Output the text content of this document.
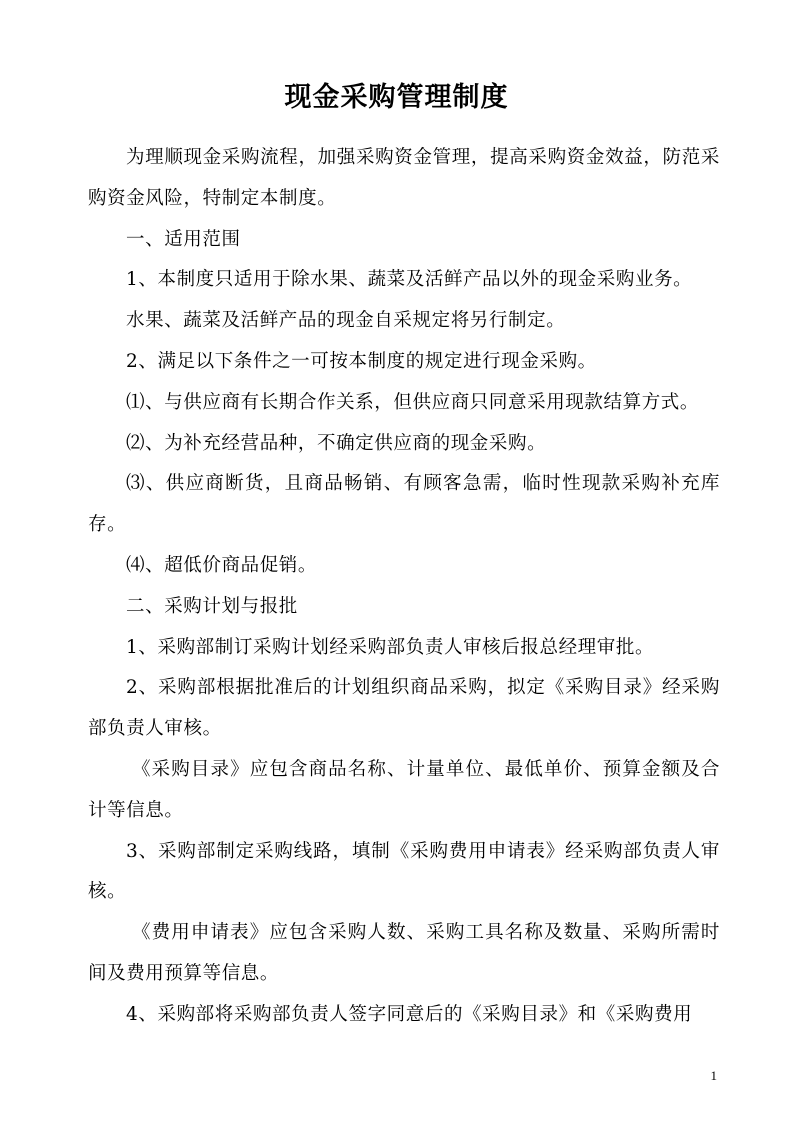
现金采购管理制度

为理顺现金采购流程，加强采购资金管理，提高采购资金效益，防范采购资金风险，特制定本制度。

一、适用范围

1、本制度只适用于除水果、蔬菜及活鲜产品以外的现金采购业务。

水果、蔬菜及活鲜产品的现金自采规定将另行制定。

2、满足以下条件之一可按本制度的规定进行现金采购。

⑴、与供应商有长期合作关系，但供应商只同意采用现款结算方式。

⑵、为补充经营品种，不确定供应商的现金采购。

⑶、供应商断货，且商品畅销、有顾客急需，临时性现款采购补充库存。

⑷、超低价商品促销。

二、采购计划与报批

1、采购部制订采购计划经采购部负责人审核后报总经理审批。

2、采购部根据批准后的计划组织商品采购，拟定《采购目录》经采购部负责人审核。

《采购目录》应包含商品名称、计量单位、最低单价、预算金额及合计等信息。

3、采购部制定采购线路，填制《采购费用申请表》经采购部负责人审核。

《费用申请表》应包含采购人数、采购工具名称及数量、采购所需时间及费用预算等信息。

4、采购部将采购部负责人签字同意后的《采购目录》和《采购费用

1
